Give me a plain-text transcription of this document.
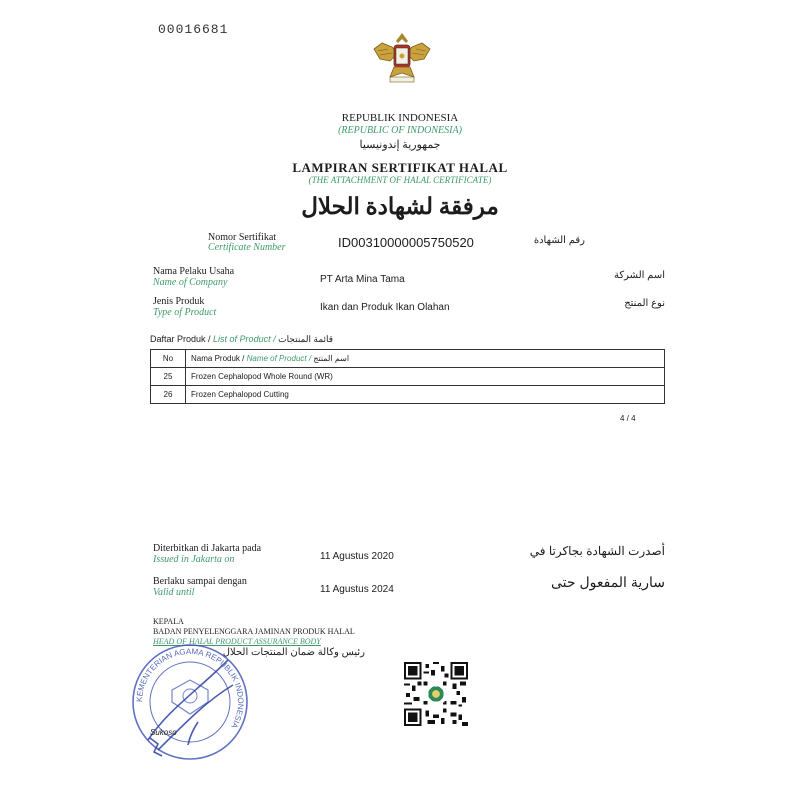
00016681
REPUBLIK INDONESIA
(REPUBLIC OF INDONESIA)
جمهورية إندونيسيا
LAMPIRAN SERTIFIKAT HALAL
(THE ATTACHMENT OF HALAL CERTIFICATE)
مرفقة لشهادة الحلال
Nomor Sertifikat
Certificate Number	ID00310000005750520	رقم الشهادة
Nama Pelaku Usaha
Name of Company	PT Arta Mina Tama	اسم الشركة
Jenis Produk
Type of Product	Ikan dan Produk Ikan Olahan	نوع المنتج
Daftar Produk / List of Product / قائمة المنتجات
No	Nama Produk / Name of Product / اسم المنتج
25	Frozen Cephalopod Whole Round (WR)
26	Frozen Cephalopod Cutting
4 / 4
Diterbitkan di Jakarta pada
Issued in Jakarta on	11 Agustus 2020	أصدرت الشهادة بجاكرتا في
Berlaku sampai dengan
Valid until	11 Agustus 2024	سارية المفعول حتى
KEPALA
BADAN PENYELENGGARA JAMINAN PRODUK HALAL
HEAD OF HALAL PRODUCT ASSURANCE BODY
رئيس وكالة ضمان المنتجات الحلال
KEMENTERIAN AGAMA REPUBLIK INDONESIA
Sukoso
